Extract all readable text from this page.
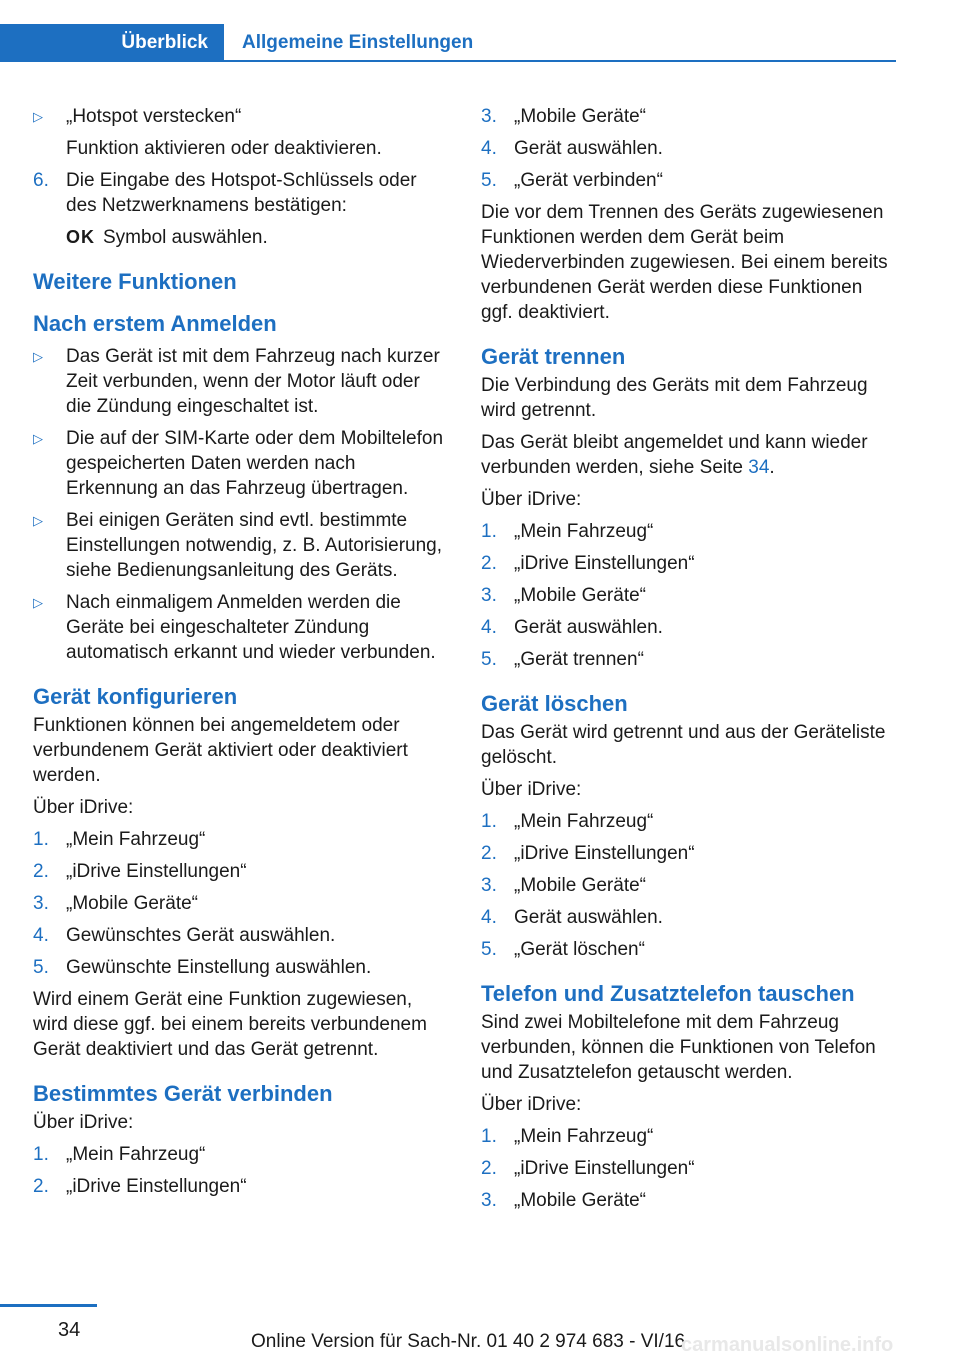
Überblick	Allgemeine Einstellungen
▷	„Hotspot verstecken“
Funktion aktivieren oder deaktivieren.
6. Die Eingabe des Hotspot-Schlüssels oder des Netzwerknamens bestätigen:
OK Symbol auswählen.
Weitere Funktionen
Nach erstem Anmelden
▷	Das Gerät ist mit dem Fahrzeug nach kurzer Zeit verbunden, wenn der Motor läuft oder die Zündung eingeschaltet ist.
▷	Die auf der SIM-Karte oder dem Mobiltelefon gespeicherten Daten werden nach Erkennung an das Fahrzeug übertragen.
▷	Bei einigen Geräten sind evtl. bestimmte Einstellungen notwendig, z. B. Autorisierung, siehe Bedienungsanleitung des Geräts.
▷	Nach einmaligem Anmelden werden die Geräte bei eingeschalteter Zündung automatisch erkannt und wieder verbunden.
Gerät konfigurieren
Funktionen können bei angemeldetem oder verbundenem Gerät aktiviert oder deaktiviert werden.
Über iDrive:
1. „Mein Fahrzeug“
2. „iDrive Einstellungen“
3. „Mobile Geräte“
4. Gewünschtes Gerät auswählen.
5. Gewünschte Einstellung auswählen.
Wird einem Gerät eine Funktion zugewiesen, wird diese ggf. bei einem bereits verbundenem Gerät deaktiviert und das Gerät getrennt.
Bestimmtes Gerät verbinden
Über iDrive:
1. „Mein Fahrzeug“
2. „iDrive Einstellungen“
3. „Mobile Geräte“
4. Gerät auswählen.
5. „Gerät verbinden“
Die vor dem Trennen des Geräts zugewiesenen Funktionen werden dem Gerät beim Wiederverbinden zugewiesen. Bei einem bereits verbundenen Gerät werden diese Funktionen ggf. deaktiviert.
Gerät trennen
Die Verbindung des Geräts mit dem Fahrzeug wird getrennt.
Das Gerät bleibt angemeldet und kann wieder verbunden werden, siehe Seite 34.
Über iDrive:
1. „Mein Fahrzeug“
2. „iDrive Einstellungen“
3. „Mobile Geräte“
4. Gerät auswählen.
5. „Gerät trennen“
Gerät löschen
Das Gerät wird getrennt und aus der Geräteliste gelöscht.
Über iDrive:
1. „Mein Fahrzeug“
2. „iDrive Einstellungen“
3. „Mobile Geräte“
4. Gerät auswählen.
5. „Gerät löschen“
Telefon und Zusatztelefon tauschen
Sind zwei Mobiltelefone mit dem Fahrzeug verbunden, können die Funktionen von Telefon und Zusatztelefon getauscht werden.
Über iDrive:
1. „Mein Fahrzeug“
2. „iDrive Einstellungen“
3. „Mobile Geräte“
34
Online Version für Sach-Nr. 01 40 2 974 683 - VI/16
carmanualsonline.info
